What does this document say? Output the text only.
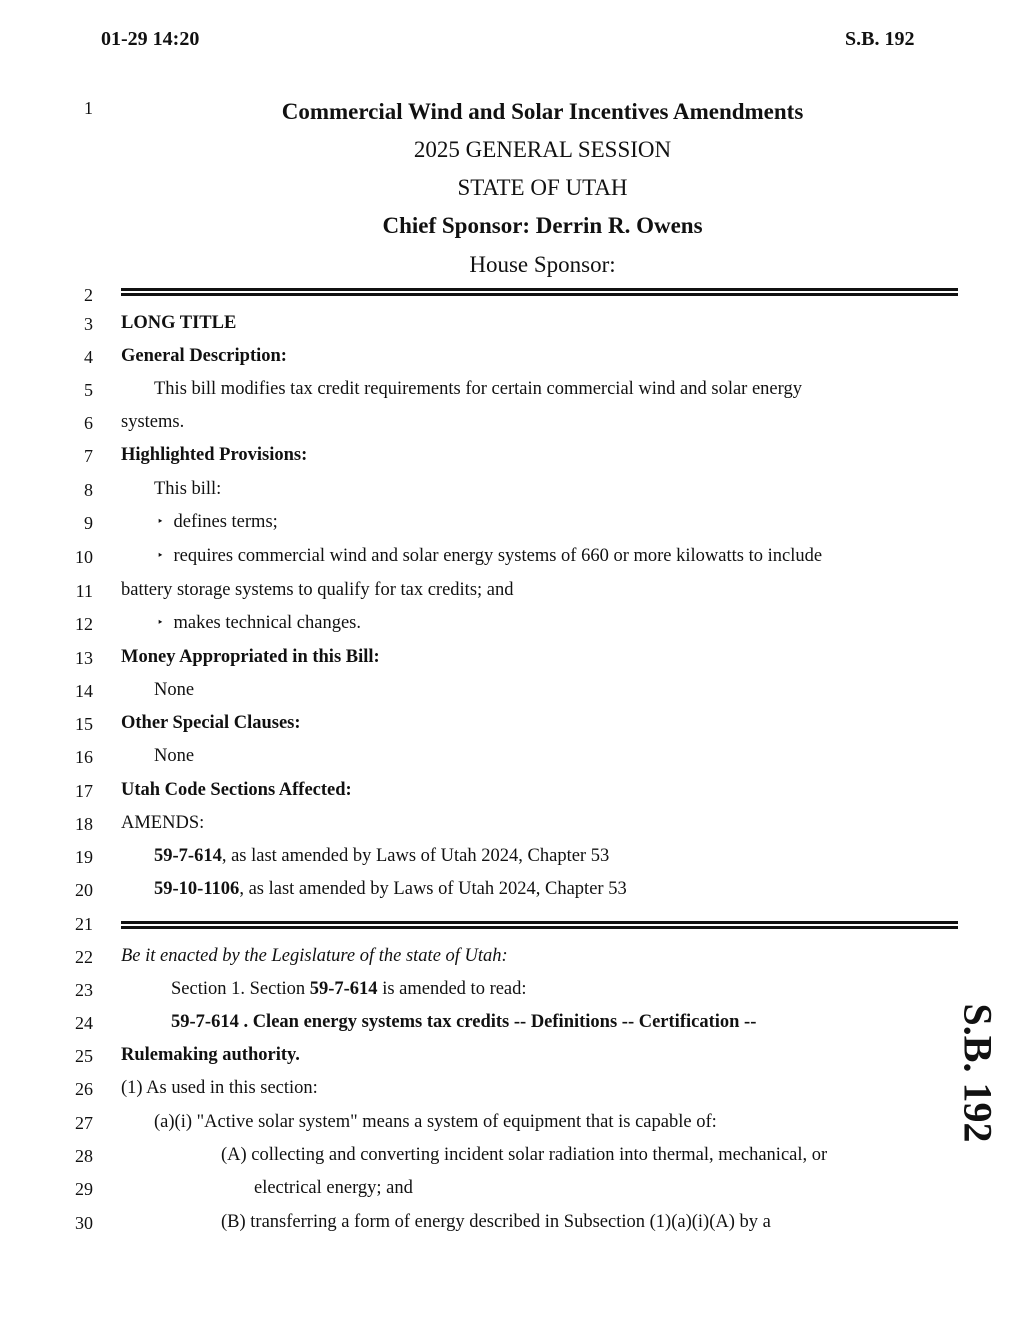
01-29 14:20	S.B. 192
1
2
3
4
5
6
7
8
9
10
11
12
13
14
15
16
17
18
19
20
21
22
23
24
25
26
27
28
29
30
Commercial Wind and Solar Incentives Amendments
2025 GENERAL SESSION
STATE OF UTAH
Chief Sponsor: Derrin R. Owens
House Sponsor:
LONG TITLE
General Description:
This bill modifies tax credit requirements for certain commercial wind and solar energy
systems.
Highlighted Provisions:
This bill:
‣ defines terms;
‣ requires commercial wind and solar energy systems of 660 or more kilowatts to include
battery storage systems to qualify for tax credits; and
‣ makes technical changes.
Money Appropriated in this Bill:
None
Other Special Clauses:
None
Utah Code Sections Affected:
AMENDS:
59-7-614, as last amended by Laws of Utah 2024, Chapter 53
59-10-1106, as last amended by Laws of Utah 2024, Chapter 53
Be it enacted by the Legislature of the state of Utah:
Section 1. Section 59-7-614 is amended to read:
59-7-614 . Clean energy systems tax credits -- Definitions -- Certification --
Rulemaking authority.
(1) As used in this section:
(a)(i) "Active solar system" means a system of equipment that is capable of:
(A) collecting and converting incident solar radiation into thermal, mechanical, or
electrical energy; and
(B) transferring a form of energy described in Subsection (1)(a)(i)(A) by a
S.B. 192
